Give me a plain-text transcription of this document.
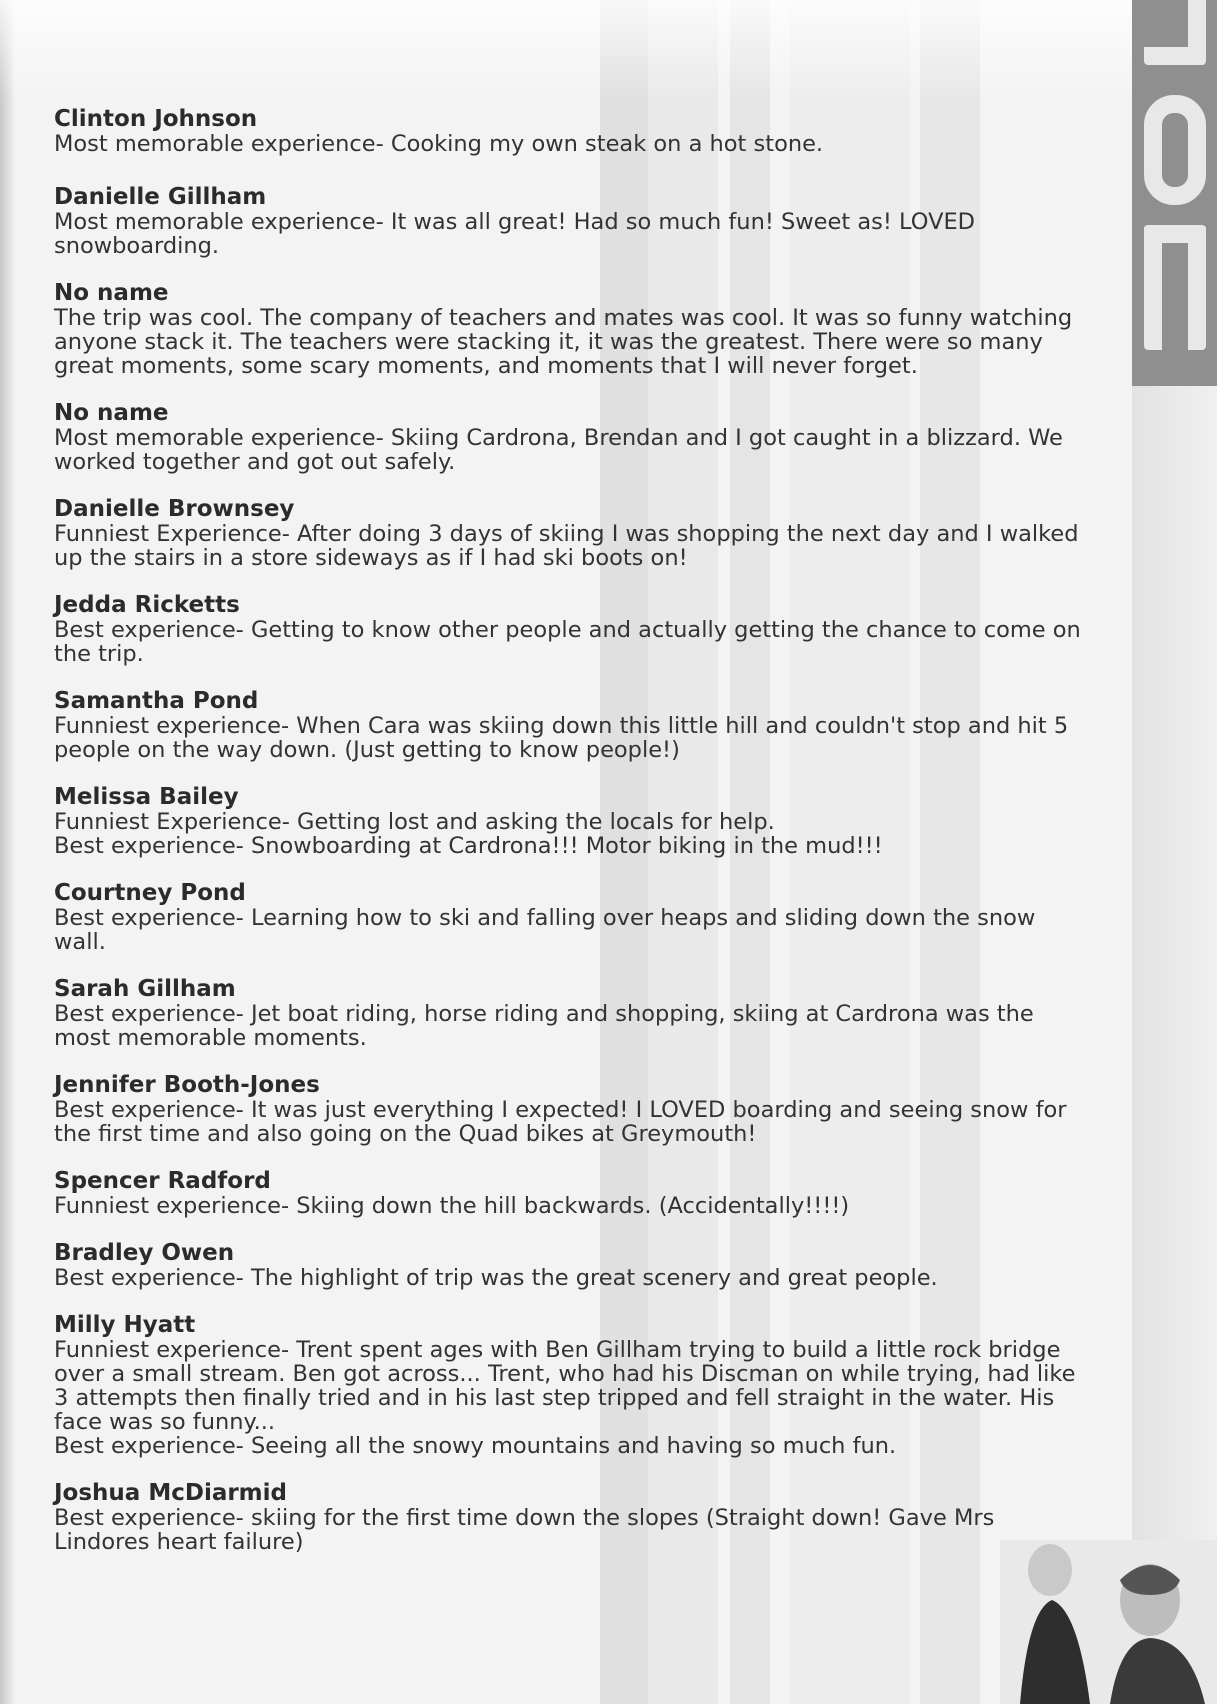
Clinton Johnson
Most memorable experience- Cooking my own steak on a hot stone.
Danielle Gillham
Most memorable experience- It was all great! Had so much fun! Sweet as! LOVED snowboarding.
No name
The trip was cool. The company of teachers and mates was cool. It was so funny watching anyone stack it. The teachers were stacking it, it was the greatest. There were so many great moments, some scary moments, and moments that I will never forget.
No name
Most memorable experience- Skiing Cardrona, Brendan and I got caught in a blizzard. We worked together and got out safely.
Danielle Brownsey
Funniest Experience- After doing 3 days of skiing I was shopping the next day and I walked up the stairs in a store sideways as if I had ski boots on!
Jedda Ricketts
Best experience- Getting to know other people and actually getting the chance to come on the trip.
Samantha Pond
Funniest experience- When Cara was skiing down this little hill and couldn't stop and hit 5 people on the way down. (Just getting to know people!)
Melissa Bailey
Funniest Experience- Getting lost and asking the locals for help.
Best experience- Snowboarding at Cardrona!!! Motor biking in the mud!!!
Courtney Pond
Best experience- Learning how to ski and falling over heaps and sliding down the snow wall.
Sarah Gillham
Best experience- Jet boat riding, horse riding and shopping, skiing at Cardrona was the most memorable moments.
Jennifer Booth-Jones
Best experience- It was just everything I expected! I LOVED boarding and seeing snow for the first time and also going on the Quad bikes at Greymouth!
Spencer Radford
Funniest experience- Skiing down the hill backwards. (Accidentally!!!!)
Bradley Owen
Best experience- The highlight of trip was the great scenery and great people.
Milly Hyatt
Funniest experience- Trent spent ages with Ben Gillham trying to build a little rock bridge over a small stream. Ben got across... Trent, who had his Discman on while trying, had like 3 attempts then finally tried and in his last step tripped and fell straight in the water. His face was so funny...
Best experience- Seeing all the snowy mountains and having so much fun.
Joshua McDiarmid
Best experience- skiing for the first time down the slopes (Straight down! Gave Mrs Lindores heart failure)
